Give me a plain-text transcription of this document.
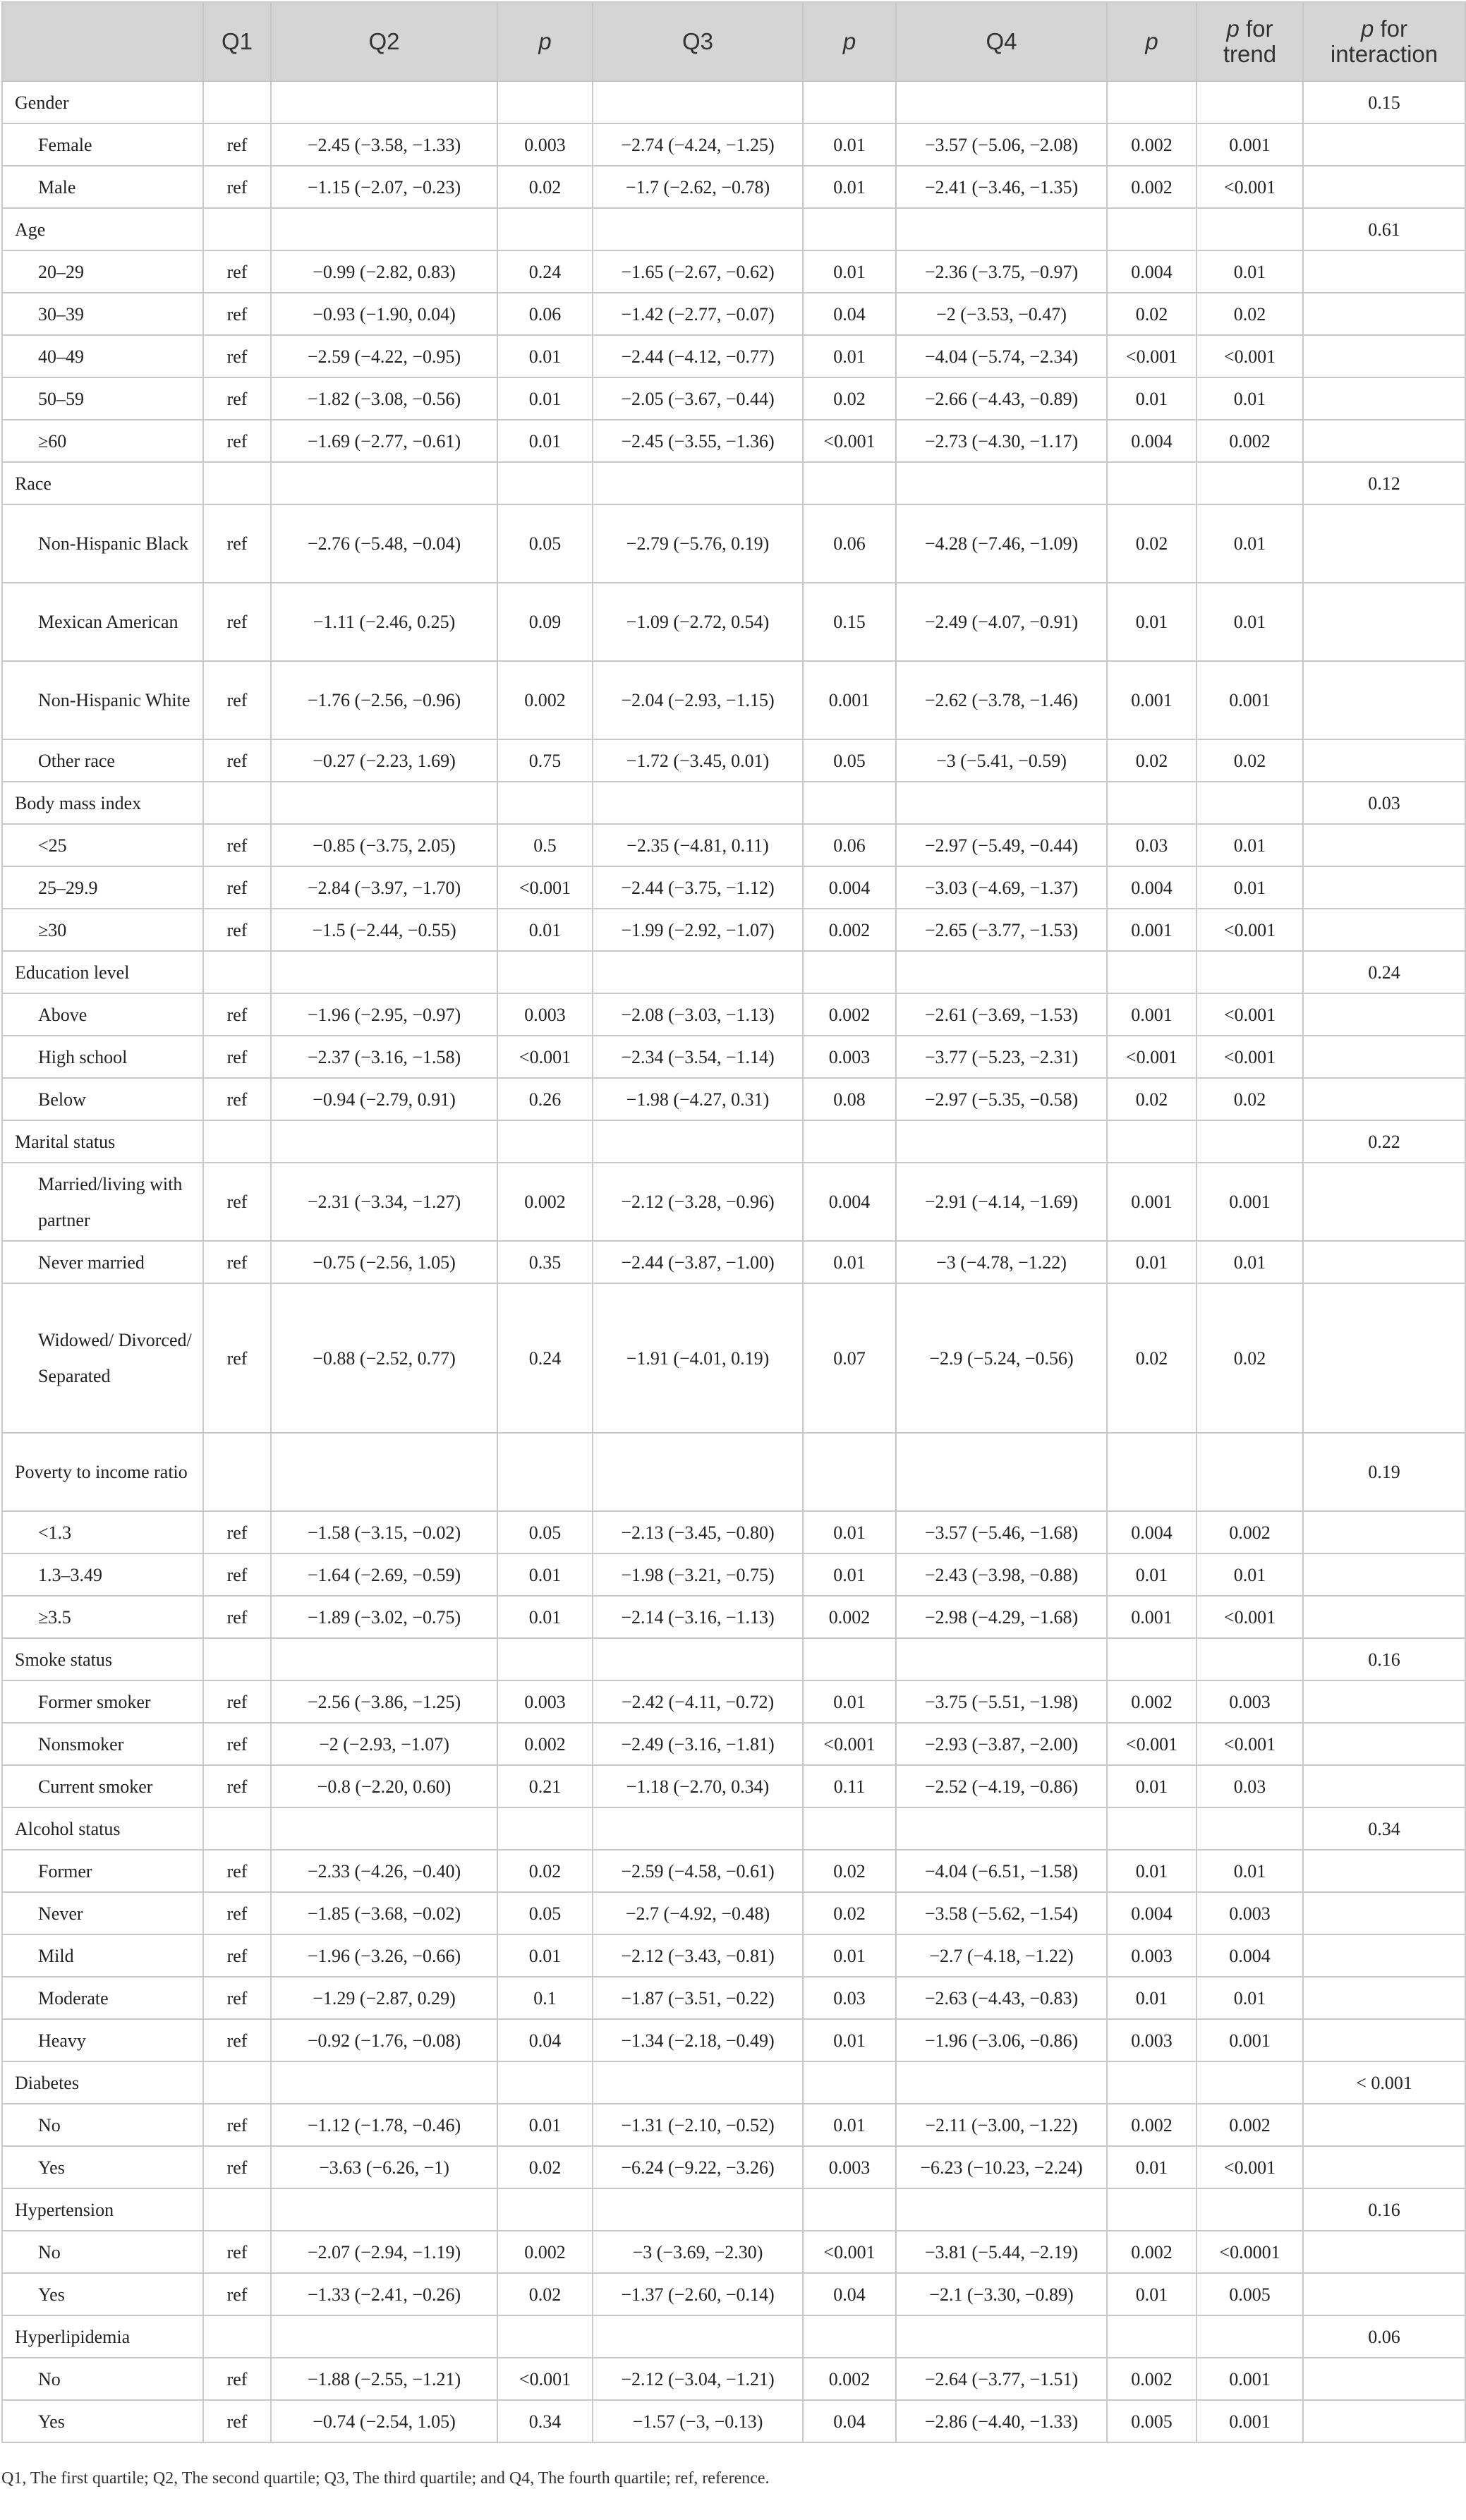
	Q1	Q2	p	Q3	p	Q4	p	p for trend	p for interaction
Gender									0.15
Female	ref	−2.45 (−3.58, −1.33)	0.003	−2.74 (−4.24, −1.25)	0.01	−3.57 (−5.06, −2.08)	0.002	0.001	
Male	ref	−1.15 (−2.07, −0.23)	0.02	−1.7 (−2.62, −0.78)	0.01	−2.41 (−3.46, −1.35)	0.002	<0.001	
Age									0.61
20–29	ref	−0.99 (−2.82, 0.83)	0.24	−1.65 (−2.67, −0.62)	0.01	−2.36 (−3.75, −0.97)	0.004	0.01	
30–39	ref	−0.93 (−1.90, 0.04)	0.06	−1.42 (−2.77, −0.07)	0.04	−2 (−3.53, −0.47)	0.02	0.02	
40–49	ref	−2.59 (−4.22, −0.95)	0.01	−2.44 (−4.12, −0.77)	0.01	−4.04 (−5.74, −2.34)	<0.001	<0.001	
50–59	ref	−1.82 (−3.08, −0.56)	0.01	−2.05 (−3.67, −0.44)	0.02	−2.66 (−4.43, −0.89)	0.01	0.01	
≥60	ref	−1.69 (−2.77, −0.61)	0.01	−2.45 (−3.55, −1.36)	<0.001	−2.73 (−4.30, −1.17)	0.004	0.002	
Race									0.12
Non-Hispanic Black	ref	−2.76 (−5.48, −0.04)	0.05	−2.79 (−5.76, 0.19)	0.06	−4.28 (−7.46, −1.09)	0.02	0.01	
Mexican American	ref	−1.11 (−2.46, 0.25)	0.09	−1.09 (−2.72, 0.54)	0.15	−2.49 (−4.07, −0.91)	0.01	0.01	
Non-Hispanic White	ref	−1.76 (−2.56, −0.96)	0.002	−2.04 (−2.93, −1.15)	0.001	−2.62 (−3.78, −1.46)	0.001	0.001	
Other race	ref	−0.27 (−2.23, 1.69)	0.75	−1.72 (−3.45, 0.01)	0.05	−3 (−5.41, −0.59)	0.02	0.02	
Body mass index									0.03
<25	ref	−0.85 (−3.75, 2.05)	0.5	−2.35 (−4.81, 0.11)	0.06	−2.97 (−5.49, −0.44)	0.03	0.01	
25–29.9	ref	−2.84 (−3.97, −1.70)	<0.001	−2.44 (−3.75, −1.12)	0.004	−3.03 (−4.69, −1.37)	0.004	0.01	
≥30	ref	−1.5 (−2.44, −0.55)	0.01	−1.99 (−2.92, −1.07)	0.002	−2.65 (−3.77, −1.53)	0.001	<0.001	
Education level									0.24
Above	ref	−1.96 (−2.95, −0.97)	0.003	−2.08 (−3.03, −1.13)	0.002	−2.61 (−3.69, −1.53)	0.001	<0.001	
High school	ref	−2.37 (−3.16, −1.58)	<0.001	−2.34 (−3.54, −1.14)	0.003	−3.77 (−5.23, −2.31)	<0.001	<0.001	
Below	ref	−0.94 (−2.79, 0.91)	0.26	−1.98 (−4.27, 0.31)	0.08	−2.97 (−5.35, −0.58)	0.02	0.02	
Marital status									0.22
Married/living with partner	ref	−2.31 (−3.34, −1.27)	0.002	−2.12 (−3.28, −0.96)	0.004	−2.91 (−4.14, −1.69)	0.001	0.001	
Never married	ref	−0.75 (−2.56, 1.05)	0.35	−2.44 (−3.87, −1.00)	0.01	−3 (−4.78, −1.22)	0.01	0.01	
Widowed/ Divorced/ Separated	ref	−0.88 (−2.52, 0.77)	0.24	−1.91 (−4.01, 0.19)	0.07	−2.9 (−5.24, −0.56)	0.02	0.02	
Poverty to income ratio									0.19
<1.3	ref	−1.58 (−3.15, −0.02)	0.05	−2.13 (−3.45, −0.80)	0.01	−3.57 (−5.46, −1.68)	0.004	0.002	
1.3–3.49	ref	−1.64 (−2.69, −0.59)	0.01	−1.98 (−3.21, −0.75)	0.01	−2.43 (−3.98, −0.88)	0.01	0.01	
≥3.5	ref	−1.89 (−3.02, −0.75)	0.01	−2.14 (−3.16, −1.13)	0.002	−2.98 (−4.29, −1.68)	0.001	<0.001	
Smoke status									0.16
Former smoker	ref	−2.56 (−3.86, −1.25)	0.003	−2.42 (−4.11, −0.72)	0.01	−3.75 (−5.51, −1.98)	0.002	0.003	
Nonsmoker	ref	−2 (−2.93, −1.07)	0.002	−2.49 (−3.16, −1.81)	<0.001	−2.93 (−3.87, −2.00)	<0.001	<0.001	
Current smoker	ref	−0.8 (−2.20, 0.60)	0.21	−1.18 (−2.70, 0.34)	0.11	−2.52 (−4.19, −0.86)	0.01	0.03	
Alcohol status									0.34
Former	ref	−2.33 (−4.26, −0.40)	0.02	−2.59 (−4.58, −0.61)	0.02	−4.04 (−6.51, −1.58)	0.01	0.01	
Never	ref	−1.85 (−3.68, −0.02)	0.05	−2.7 (−4.92, −0.48)	0.02	−3.58 (−5.62, −1.54)	0.004	0.003	
Mild	ref	−1.96 (−3.26, −0.66)	0.01	−2.12 (−3.43, −0.81)	0.01	−2.7 (−4.18, −1.22)	0.003	0.004	
Moderate	ref	−1.29 (−2.87, 0.29)	0.1	−1.87 (−3.51, −0.22)	0.03	−2.63 (−4.43, −0.83)	0.01	0.01	
Heavy	ref	−0.92 (−1.76, −0.08)	0.04	−1.34 (−2.18, −0.49)	0.01	−1.96 (−3.06, −0.86)	0.003	0.001	
Diabetes									< 0.001
No	ref	−1.12 (−1.78, −0.46)	0.01	−1.31 (−2.10, −0.52)	0.01	−2.11 (−3.00, −1.22)	0.002	0.002	
Yes	ref	−3.63 (−6.26, −1)	0.02	−6.24 (−9.22, −3.26)	0.003	−6.23 (−10.23, −2.24)	0.01	<0.001	
Hypertension									0.16
No	ref	−2.07 (−2.94, −1.19)	0.002	−3 (−3.69, −2.30)	<0.001	−3.81 (−5.44, −2.19)	0.002	<0.0001	
Yes	ref	−1.33 (−2.41, −0.26)	0.02	−1.37 (−2.60, −0.14)	0.04	−2.1 (−3.30, −0.89)	0.01	0.005	
Hyperlipidemia									0.06
No	ref	−1.88 (−2.55, −1.21)	<0.001	−2.12 (−3.04, −1.21)	0.002	−2.64 (−3.77, −1.51)	0.002	0.001	
Yes	ref	−0.74 (−2.54, 1.05)	0.34	−1.57 (−3, −0.13)	0.04	−2.86 (−4.40, −1.33)	0.005	0.001	
Q1, The first quartile; Q2, The second quartile; Q3, The third quartile; and Q4, The fourth quartile; ref, reference.
